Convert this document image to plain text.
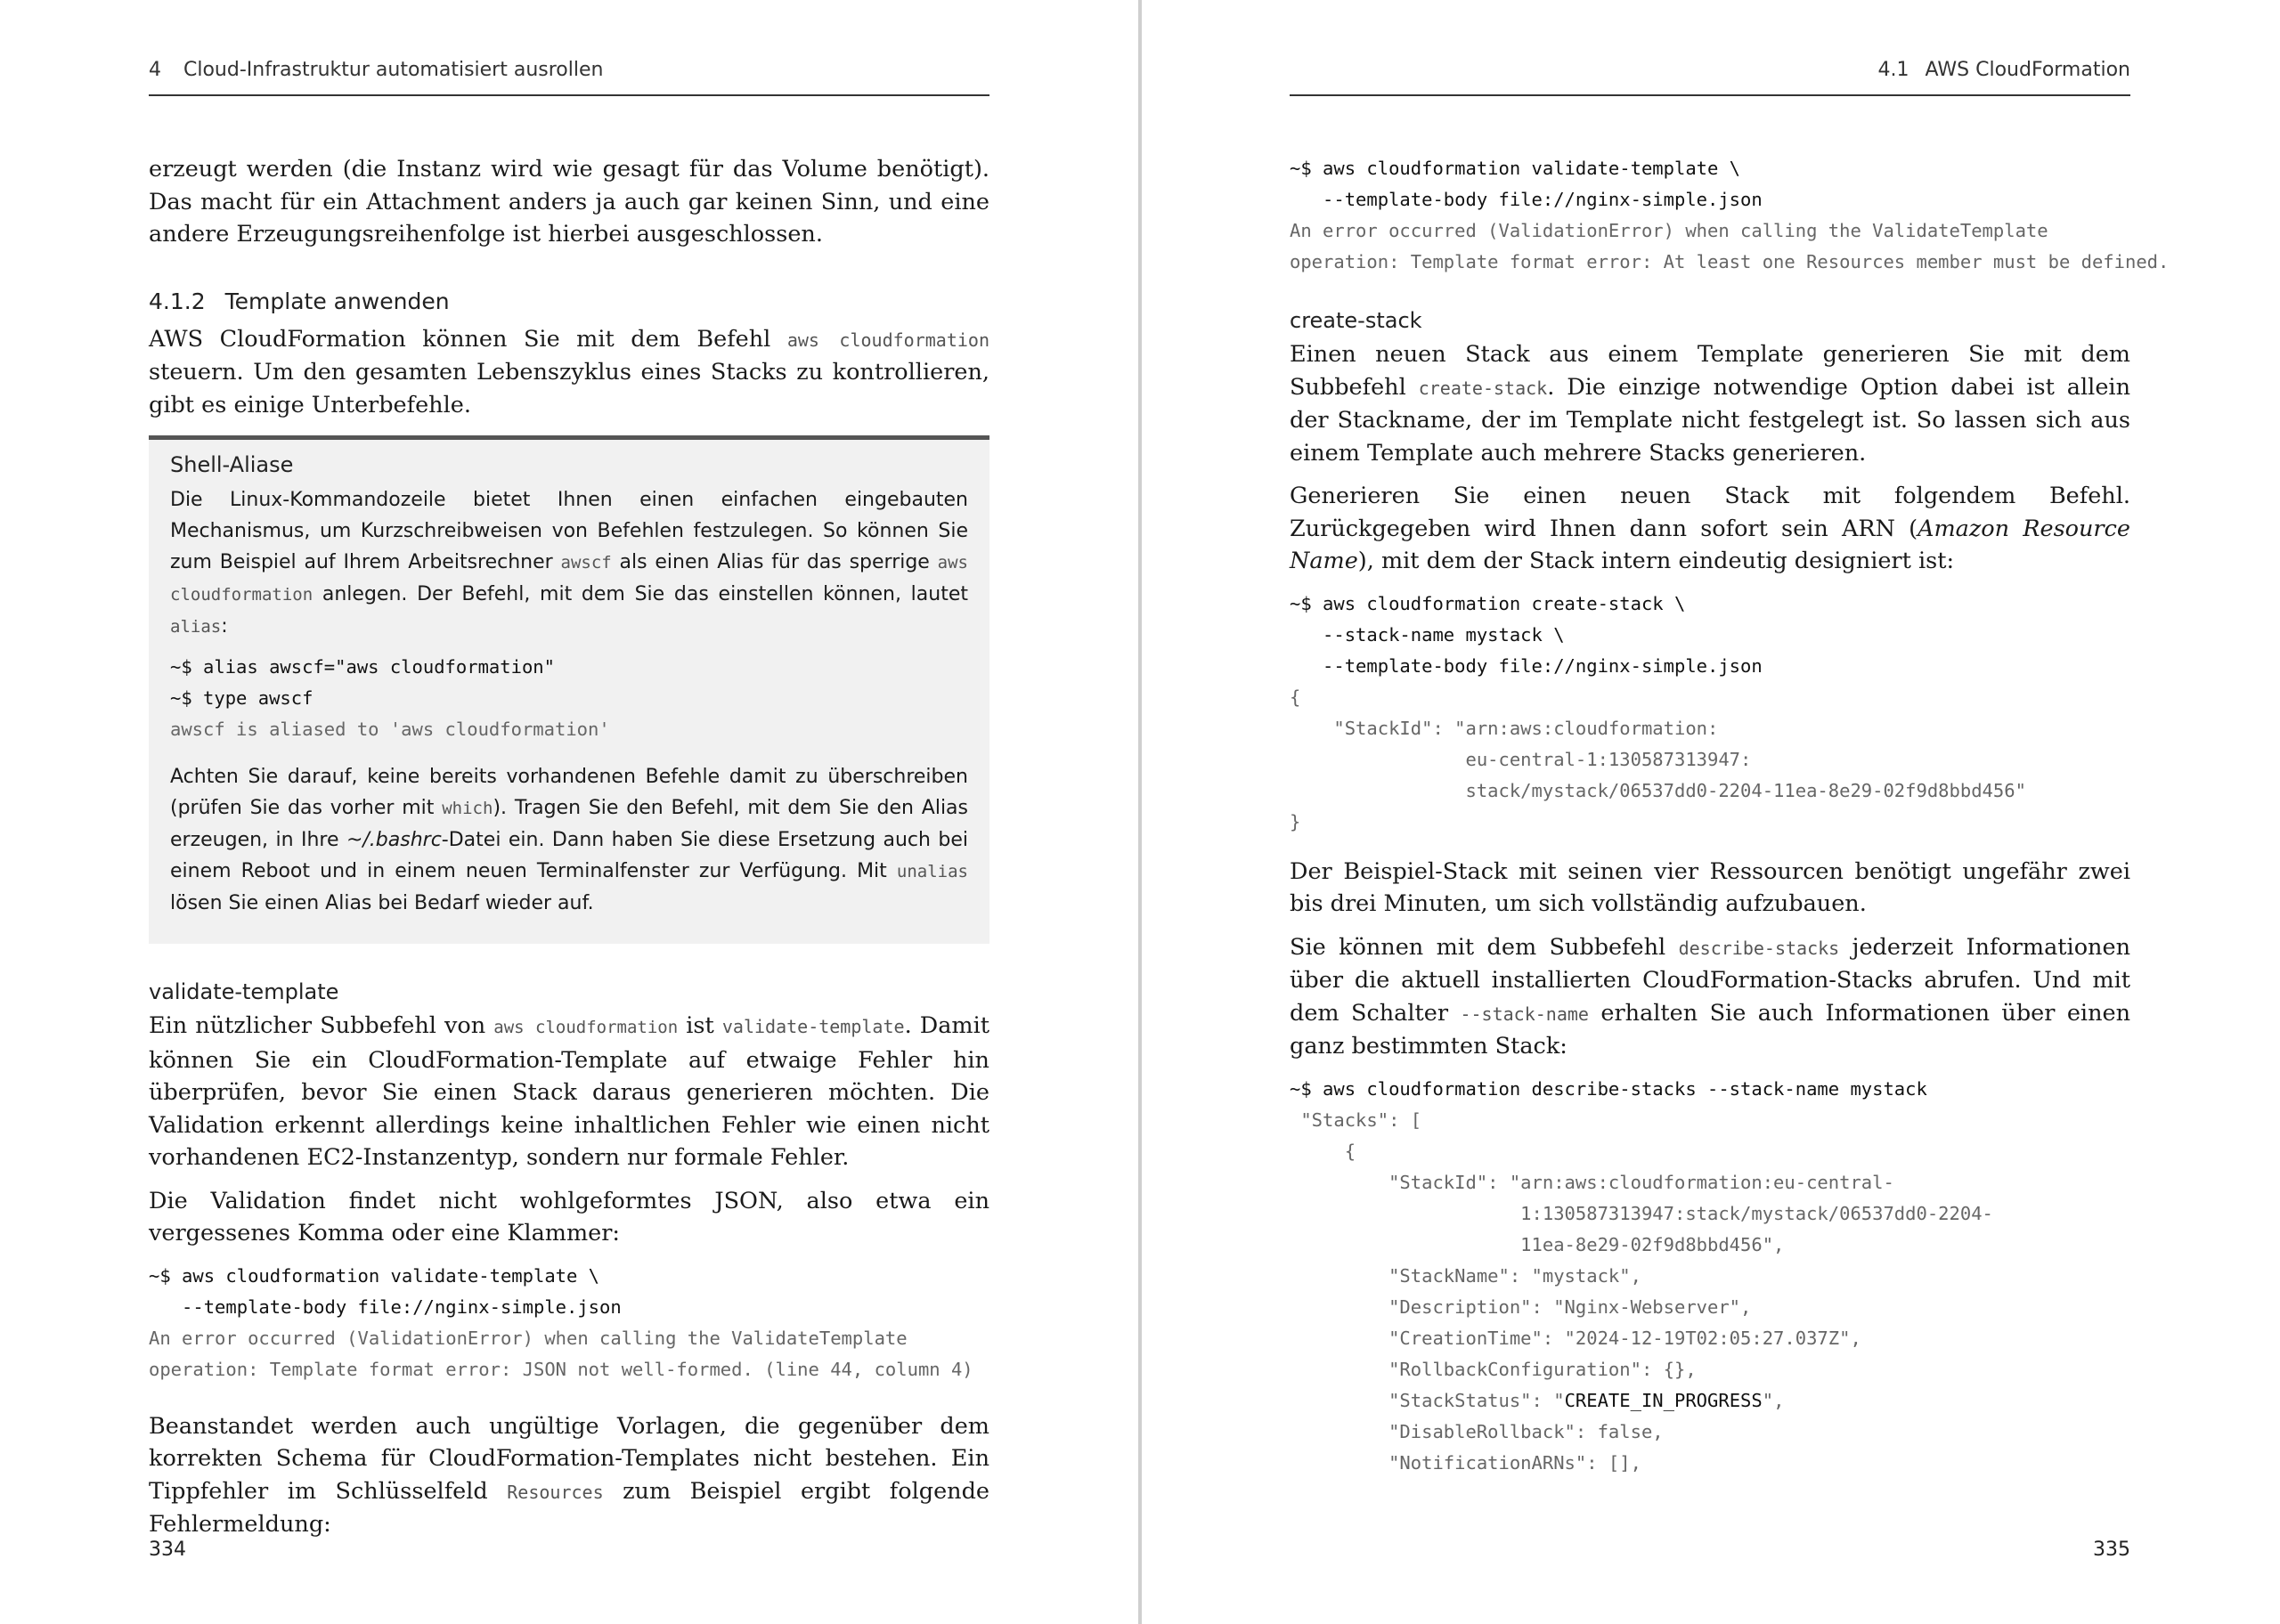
4 Cloud-Infrastruktur automatisiert ausrollen

erzeugt werden (die Instanz wird wie gesagt für das Volume benötigt). Das macht für ein Attachment anders ja auch gar keinen Sinn, und eine andere Erzeugungsreihenfolge ist hierbei ausgeschlossen.

4.1.2 Template anwenden

AWS CloudFormation können Sie mit dem Befehl aws cloudformation steuern. Um den gesamten Lebenszyklus eines Stacks zu kontrollieren, gibt es einige Unterbefehle.

Shell-Aliase

Die Linux-Kommandozeile bietet Ihnen einen einfachen eingebauten Mechanismus, um Kurzschreibweisen von Befehlen festzulegen. So können Sie zum Beispiel auf Ihrem Arbeitsrechner awscf als einen Alias für das sperrige aws cloudformation anlegen. Der Befehl, mit dem Sie das einstellen können, lautet alias:

~$ alias awscf="aws cloudformation"
~$ type awscf
awscf is aliased to 'aws cloudformation'

Achten Sie darauf, keine bereits vorhandenen Befehle damit zu überschreiben (prüfen Sie das vorher mit which). Tragen Sie den Befehl, mit dem Sie den Alias erzeugen, in Ihre ~/.bashrc-Datei ein. Dann haben Sie diese Ersetzung auch bei einem Reboot und in einem neuen Terminalfenster zur Verfügung. Mit unalias lösen Sie einen Alias bei Bedarf wieder auf.

validate-template

Ein nützlicher Subbefehl von aws cloudformation ist validate-template. Damit können Sie ein CloudFormation-Template auf etwaige Fehler hin überprüfen, bevor Sie einen Stack daraus generieren möchten. Die Validation erkennt allerdings keine inhaltlichen Fehler wie einen nicht vorhandenen EC2-Instanzentyp, sondern nur formale Fehler.

Die Validation findet nicht wohlgeformtes JSON, also etwa ein vergessenes Komma oder eine Klammer:

~$ aws cloudformation validate-template \
--template-body file://nginx-simple.json
An error occurred (ValidationError) when calling the ValidateTemplate
operation: Template format error: JSON not well-formed. (line 44, column 4)

Beanstandet werden auch ungültige Vorlagen, die gegenüber dem korrekten Schema für CloudFormation-Templates nicht bestehen. Ein Tippfehler im Schlüsselfeld Resources zum Beispiel ergibt folgende Fehlermeldung:

334
4.1 AWS CloudFormation
~$ aws cloudformation validate-template \
--template-body file://nginx-simple.json
An error occurred (ValidationError) when calling the ValidateTemplate
operation: Template format error: At least one Resources member must be defined.
create-stack

Einen neuen Stack aus einem Template generieren Sie mit dem Subbefehl create-stack. Die einzige notwendige Option dabei ist allein der Stackname, der im Template nicht festgelegt ist. So lassen sich aus einem Template auch mehrere Stacks generieren.

Generieren Sie einen neuen Stack mit folgendem Befehl. Zurückgegeben wird Ihnen dann sofort sein ARN (Amazon Resource Name), mit dem der Stack intern eindeutig designiert ist:

~$ aws cloudformation create-stack \
--stack-name mystack \
--template-body file://nginx-simple.json
{
"StackId": "arn:aws:cloudformation:
eu-central-1:130587313947:
stack/mystack/06537dd0-2204-11ea-8e29-02f9d8bbd456"
}

Der Beispiel-Stack mit seinen vier Ressourcen benötigt ungefähr zwei bis drei Minuten, um sich vollständig aufzubauen.

Sie können mit dem Subbefehl describe-stacks jederzeit Informationen über die aktuell installierten CloudFormation-Stacks abrufen. Und mit dem Schalter --stack-name erhalten Sie auch Informationen über einen ganz bestimmten Stack:

~$ aws cloudformation describe-stacks --stack-name mystack
"Stacks": [
{
"StackId": "arn:aws:cloudformation:eu-central-
1:130587313947:stack/mystack/06537dd0-2204-
11ea-8e29-02f9d8bbd456",
"StackName": "mystack",
"Description": "Nginx-Webserver",
"CreationTime": "2024-12-19T02:05:27.037Z",
"RollbackConfiguration": {},
"StackStatus": "CREATE_IN_PROGRESS",
"DisableRollback": false,
"NotificationARNs": [],
335
